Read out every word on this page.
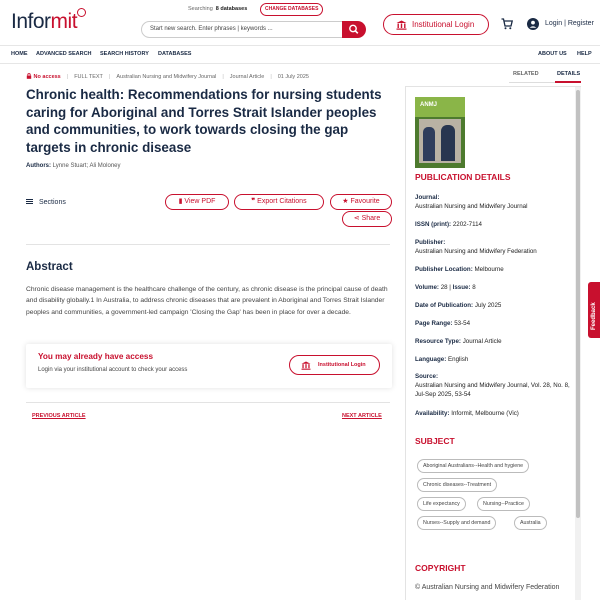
Informit
Searching 8 databases	CHANGE DATABASES
Start new search. Enter phrases | keywords ...	Institutional Login	Login | Register
HOME ADVANCED SEARCH SEARCH HISTORY DATABASES	ABOUT US HELP
No access | FULL TEXT | Australian Nursing and Midwifery Journal | Journal Article | 01 July 2025
Chronic health: Recommendations for nursing students caring for Aboriginal and Torres Strait Islander peoples and communities, to work towards closing the gap targets in chronic disease
Authors: Lynne Stuart; Ali Moloney
Sections	▮ View PDF	❞ Export Citations	★ Favourite
⋖ Share
Abstract
Chronic disease management is the healthcare challenge of the century, as chronic disease is the principal cause of death and disability globally.1 In Australia, to address chronic diseases that are prevalent in Aboriginal and Torres Strait Islander peoples and communities, a government-led campaign 'Closing the Gap' has been in place for over a decade.
You may already have access
Login via your institutional account to check your access
Institutional Login
PREVIOUS ARTICLE	NEXT ARTICLE
RELATED	DETAILS
ANMJ
PUBLICATION DETAILS
Journal:
Australian Nursing and Midwifery Journal
ISSN (print): 2202-7114
Publisher:
Australian Nursing and Midwifery Federation
Publisher Location: Melbourne
Volume: 28 | Issue: 8
Date of Publication: July 2025
Page Range: 53-54
Resource Type: Journal Article
Language: English
Source:
Australian Nursing and Midwifery Journal, Vol. 28, No. 8, Jul-Sep 2025, 53-54
Availability: Informit, Melbourne (Vic)
SUBJECT
Aboriginal Australians--Health and hygiene
Chronic diseases--Treatment
Life expectancy	Nursing--Practice
Nurses--Supply and demand	Australia
COPYRIGHT
© Australian Nursing and Midwifery Federation
Feedback
